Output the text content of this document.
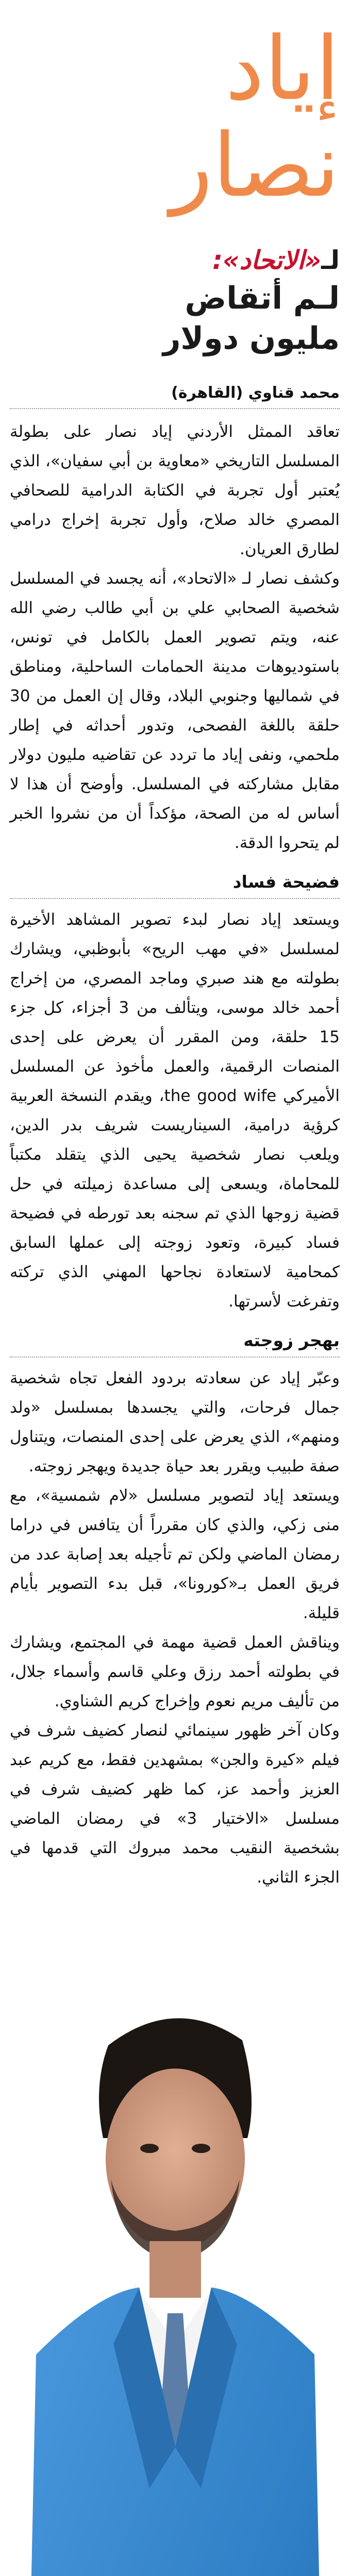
إياد
نصار
لـ«الاتحاد»:
لـم أتقاض
مليون دولار
محمد قناوي (القاهرة)

تعاقد الممثل الأردني إياد نصار على بطولة المسلسل التاريخي «معاوية بن أبي سفيان»، الذي يُعتبر أول تجربة في الكتابة الدرامية للصحافي المصري خالد صلاح، وأول تجربة إخراج درامي لطارق العريان.

وكشف نصار لـ «الاتحاد»، أنه يجسد في المسلسل شخصية الصحابي علي بن أبي طالب رضي الله عنه، ويتم تصوير العمل بالكامل في تونس، باستوديوهات مدينة الحمامات الساحلية، ومناطق في شماليها وجنوبي البلاد، وقال إن العمل من 30 حلقة باللغة الفصحى، وتدور أحداثه في إطار ملحمي، ونفى إياد ما تردد عن تقاضيه مليون دولار مقابل مشاركته في المسلسل. وأوضح أن هذا لا أساس له من الصحة، مؤكداً أن من نشروا الخبر لم يتحروا الدقة.

فضيحة فساد

ويستعد إياد نصار لبدء تصوير المشاهد الأخيرة لمسلسل «في مهب الريح» بأبوظبي، ويشارك بطولته مع هند صبري وماجد المصري، من إخراج أحمد خالد موسى، ويتألف من 3 أجزاء، كل جزء 15 حلقة، ومن المقرر أن يعرض على إحدى المنصات الرقمية، والعمل مأخوذ عن المسلسل الأميركي the good wife، ويقدم النسخة العربية كرؤية درامية، السيناريست شريف بدر الدين، ويلعب نصار شخصية يحيى الذي يتقلد مكتباً للمحاماة، ويسعى إلى مساعدة زميلته في حل قضية زوجها الذي تم سجنه بعد تورطه في فضيحة فساد كبيرة، وتعود زوجته إلى عملها السابق كمحامية لاستعادة نجاحها المهني الذي تركته وتفرغت لأسرتها.

بهجر زوجته

وعبّر إياد عن سعادته بردود الفعل تجاه شخصية جمال فرحات، والتي يجسدها بمسلسل «ولد ومنهم»، الذي يعرض على إحدى المنصات، ويتناول صفة طبيب ويقرر بعد حياة جديدة ويهجر زوجته.

ويستعد إياد لتصوير مسلسل «لام شمسية»، مع منى زكي، والذي كان مقرراً أن يتافس في دراما رمضان الماضي ولكن تم تأجيله بعد إصابة عدد من فريق العمل بـ«كورونا»، قبل بدء التصوير بأيام قليلة.

ويناقش العمل قضية مهمة في المجتمع، ويشارك في بطولته أحمد رزق وعلي قاسم وأسماء جلال، من تأليف مريم نعوم وإخراج كريم الشناوي.

وكان آخر ظهور سينمائي لنصار كضيف شرف في فيلم «كيرة والجن» بمشهدين فقط، مع كريم عبد العزيز وأحمد عز، كما ظهر كضيف شرف في مسلسل «الاختيار 3» في رمضان الماضي بشخصية النقيب محمد مبروك التي قدمها في الجزء الثاني.
